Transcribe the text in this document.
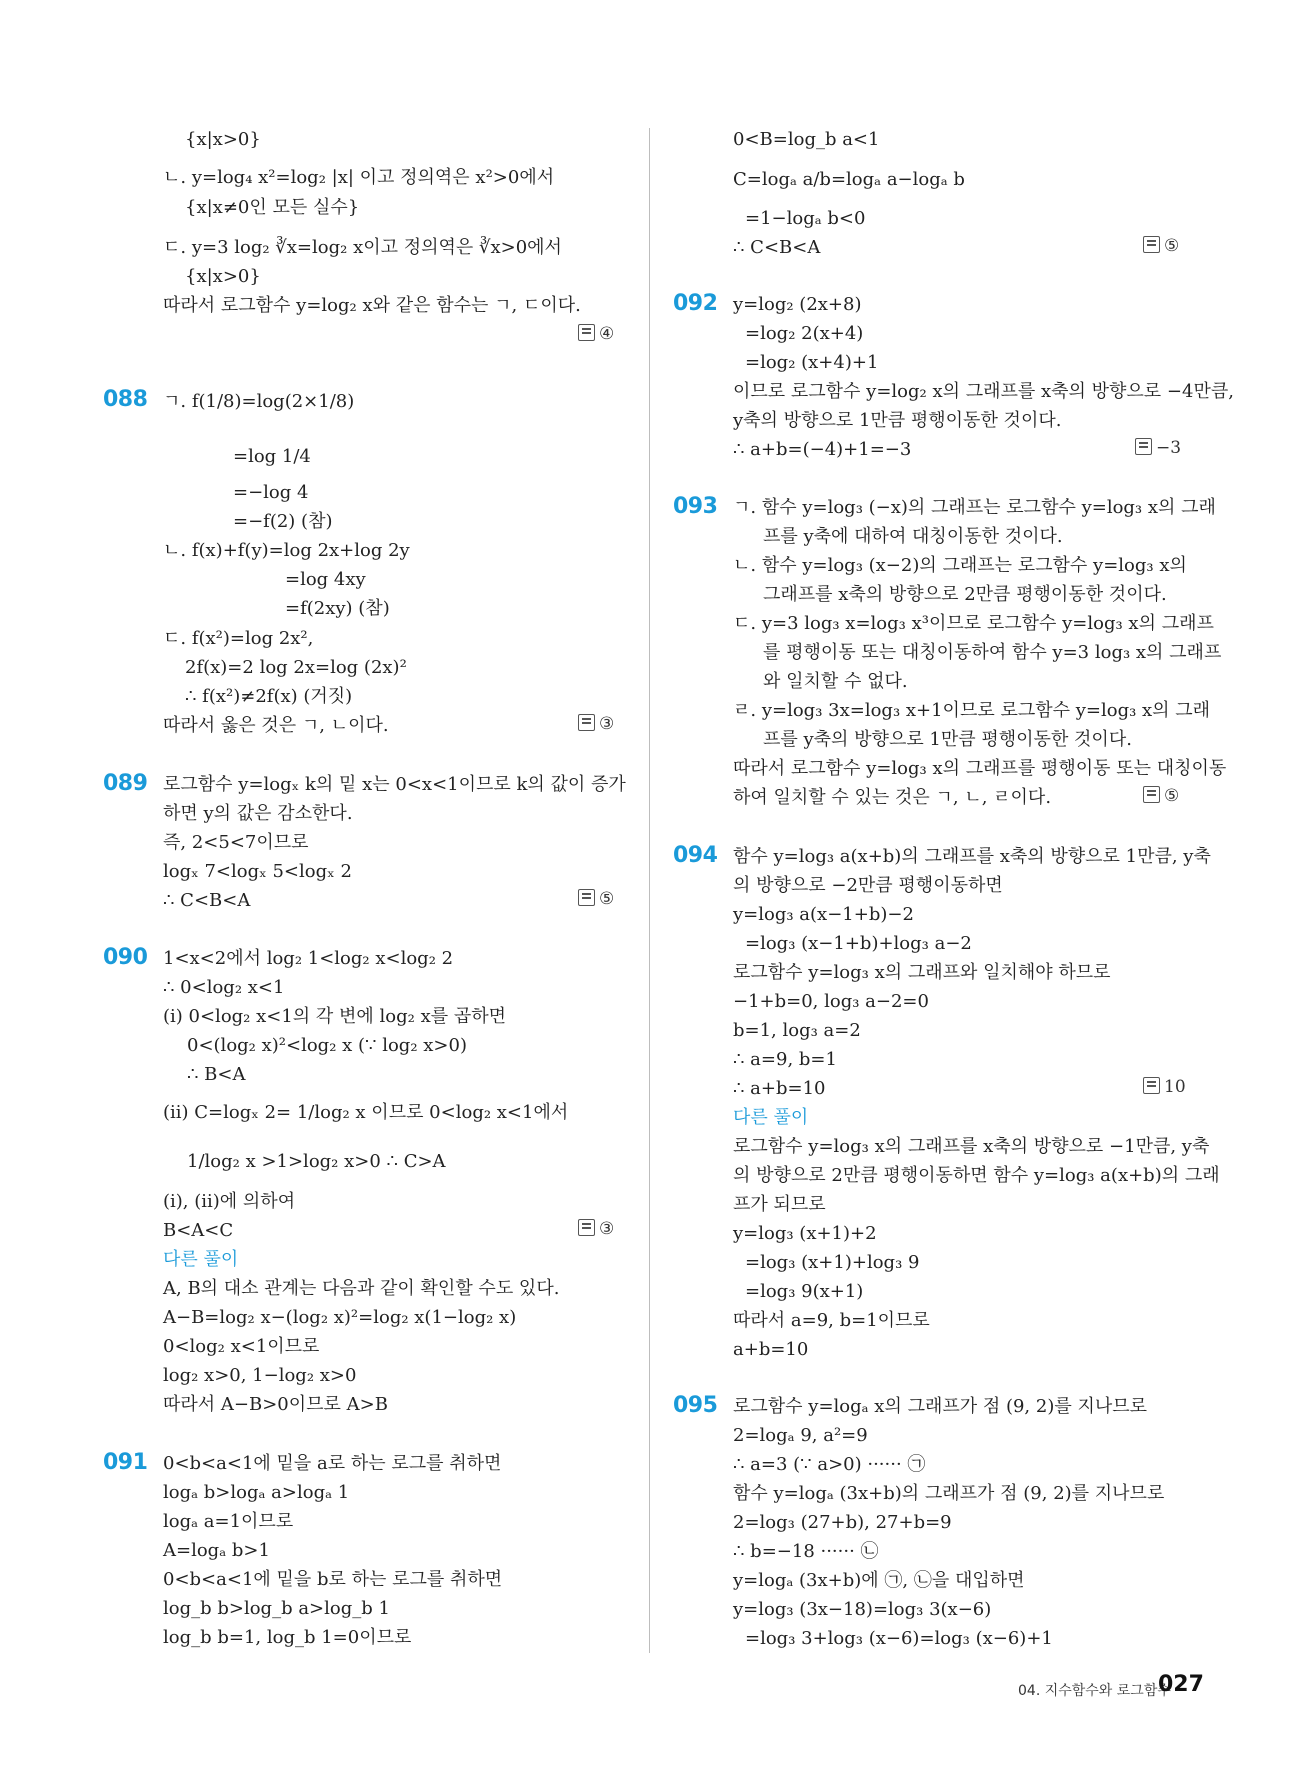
{x|x>0}
ㄴ. y=log₄ x²=log₂ |x| 이고 정의역은 x²>0에서
{x|x≠0인 모든 실수}
ㄷ. y=3 log₂ ∛x=log₂ x이고 정의역은 ∛x>0에서
{x|x>0}
따라서 로그함수 y=log₂ x와 같은 함수는 ㄱ, ㄷ이다.
④
088 ㄱ. f(1/8)=log(2×1/8)
=log 1/4
=−log 4
=−f(2) (참)
ㄴ. f(x)+f(y)=log 2x+log 2y
=log 4xy
=f(2xy) (참)
ㄷ. f(x²)=log 2x²,
2f(x)=2 log 2x=log (2x)²
∴ f(x²)≠2f(x) (거짓)
따라서 옳은 것은 ㄱ, ㄴ이다.	③
089 로그함수 y=logₓ k의 밑 x는 0<x<1이므로 k의 값이 증가
하면 y의 값은 감소한다.
즉, 2<5<7이므로
logₓ 7<logₓ 5<logₓ 2
∴ C<B<A	⑤
090 1<x<2에서 log₂ 1<log₂ x<log₂ 2
∴ 0<log₂ x<1
(i) 0<log₂ x<1의 각 변에 log₂ x를 곱하면
0<(log₂ x)²<log₂ x (∵ log₂ x>0)
∴ B<A
(ii) C=logₓ 2= 1/log₂ x 이므로 0<log₂ x<1에서
1/log₂ x >1>log₂ x>0 ∴ C>A
(i), (ii)에 의하여
B<A<C	③
다른 풀이
A, B의 대소 관계는 다음과 같이 확인할 수도 있다.
A−B=log₂ x−(log₂ x)²=log₂ x(1−log₂ x)
0<log₂ x<1이므로
log₂ x>0, 1−log₂ x>0
따라서 A−B>0이므로 A>B
091 0<b<a<1에 밑을 a로 하는 로그를 취하면
logₐ b>logₐ a>logₐ 1
logₐ a=1이므로
A=logₐ b>1
0<b<a<1에 밑을 b로 하는 로그를 취하면
log_b b>log_b a>log_b 1
log_b b=1, log_b 1=0이므로
0<B=log_b a<1
C=logₐ a/b=logₐ a−logₐ b
=1−logₐ b<0
∴ C<B<A	⑤
092 y=log₂ (2x+8)
=log₂ 2(x+4)
=log₂ (x+4)+1
이므로 로그함수 y=log₂ x의 그래프를 x축의 방향으로 −4만큼,
y축의 방향으로 1만큼 평행이동한 것이다.
∴ a+b=(−4)+1=−3	−3
093 ㄱ. 함수 y=log₃ (−x)의 그래프는 로그함수 y=log₃ x의 그래
프를 y축에 대하여 대칭이동한 것이다.
ㄴ. 함수 y=log₃ (x−2)의 그래프는 로그함수 y=log₃ x의
그래프를 x축의 방향으로 2만큼 평행이동한 것이다.
ㄷ. y=3 log₃ x=log₃ x³이므로 로그함수 y=log₃ x의 그래프
를 평행이동 또는 대칭이동하여 함수 y=3 log₃ x의 그래프
와 일치할 수 없다.
ㄹ. y=log₃ 3x=log₃ x+1이므로 로그함수 y=log₃ x의 그래
프를 y축의 방향으로 1만큼 평행이동한 것이다.
따라서 로그함수 y=log₃ x의 그래프를 평행이동 또는 대칭이동
하여 일치할 수 있는 것은 ㄱ, ㄴ, ㄹ이다.	⑤
094 함수 y=log₃ a(x+b)의 그래프를 x축의 방향으로 1만큼, y축
의 방향으로 −2만큼 평행이동하면
y=log₃ a(x−1+b)−2
=log₃ (x−1+b)+log₃ a−2
로그함수 y=log₃ x의 그래프와 일치해야 하므로
−1+b=0, log₃ a−2=0
b=1, log₃ a=2
∴ a=9, b=1
∴ a+b=10	10
다른 풀이
로그함수 y=log₃ x의 그래프를 x축의 방향으로 −1만큼, y축
의 방향으로 2만큼 평행이동하면 함수 y=log₃ a(x+b)의 그래
프가 되므로
y=log₃ (x+1)+2
=log₃ (x+1)+log₃ 9
=log₃ 9(x+1)
따라서 a=9, b=1이므로
a+b=10
095 로그함수 y=logₐ x의 그래프가 점 (9, 2)를 지나므로
2=logₐ 9, a²=9
∴ a=3 (∵ a>0) ······ ㉠
함수 y=logₐ (3x+b)의 그래프가 점 (9, 2)를 지나므로
2=log₃ (27+b), 27+b=9
∴ b=−18 ······ ㉡
y=logₐ (3x+b)에 ㉠, ㉡을 대입하면
y=log₃ (3x−18)=log₃ 3(x−6)
=log₃ 3+log₃ (x−6)=log₃ (x−6)+1
04. 지수함수와 로그함수
027
